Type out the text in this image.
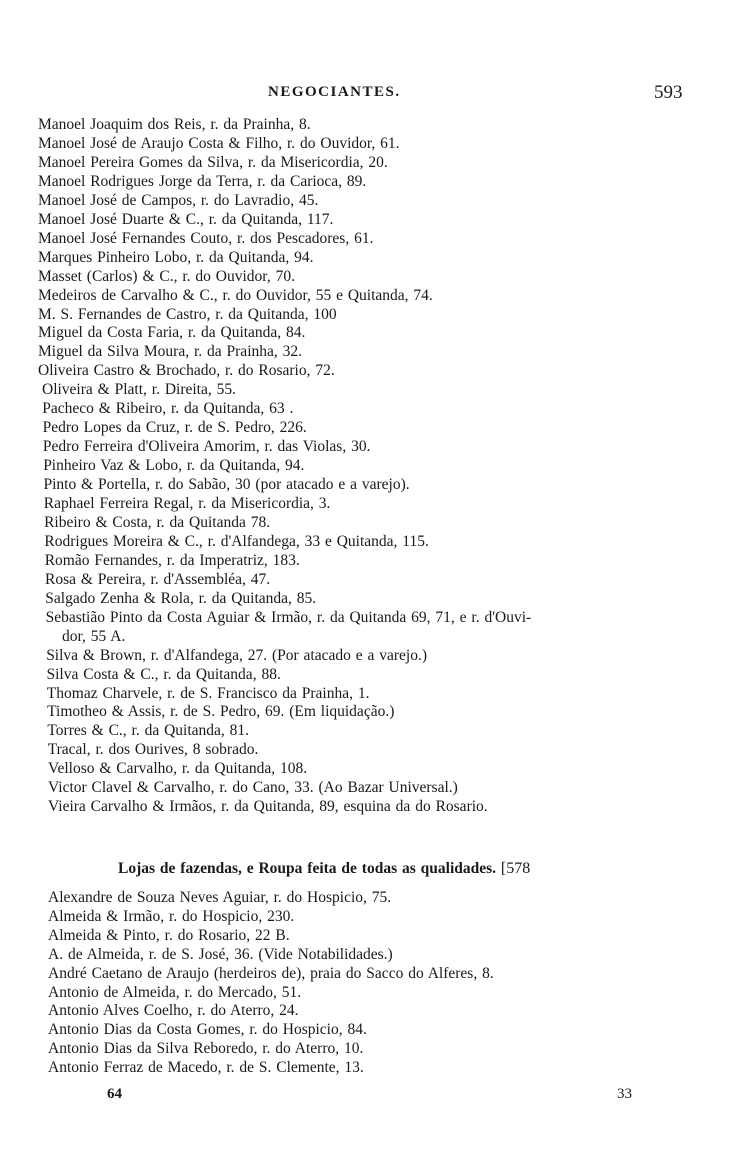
NEGOCIANTES.	593
Manoel Joaquim dos Reis, r. da Prainha, 8.
Manoel José de Araujo Costa & Filho, r. do Ouvidor, 61.
Manoel Pereira Gomes da Silva, r. da Misericordia, 20.
Manoel Rodrigues Jorge da Terra, r. da Carioca, 89.
Manoel José de Campos, r. do Lavradio, 45.
Manoel José Duarte & C., r. da Quitanda, 117.
Manoel José Fernandes Couto, r. dos Pescadores, 61.
Marques Pinheiro Lobo, r. da Quitanda, 94.
Masset (Carlos) & C., r. do Ouvidor, 70.
Medeiros de Carvalho & C., r. do Ouvidor, 55 e Quitanda, 74.
M. S. Fernandes de Castro, r. da Quitanda, 100
Miguel da Costa Faria, r. da Quitanda, 84.
Miguel da Silva Moura, r. da Prainha, 32.
Oliveira Castro & Brochado, r. do Rosario, 72.
Oliveira & Platt, r. Direita, 55.
Pacheco & Ribeiro, r. da Quitanda, 63 .
Pedro Lopes da Cruz, r. de S. Pedro, 226.
Pedro Ferreira d'Oliveira Amorim, r. das Violas, 30.
Pinheiro Vaz & Lobo, r. da Quitanda, 94.
Pinto & Portella, r. do Sabão, 30 (por atacado e a varejo).
Raphael Ferreira Regal, r. da Misericordia, 3.
Ribeiro & Costa, r. da Quitanda 78.
Rodrigues Moreira & C., r. d'Alfandega, 33 e Quitanda, 115.
Romão Fernandes, r. da Imperatriz, 183.
Rosa & Pereira, r. d'Assembléa, 47.
Salgado Zenha & Rola, r. da Quitanda, 85.
Sebastião Pinto da Costa Aguiar & Irmão, r. da Quitanda 69, 71, e r. d'Ouvi-
dor, 55 A.
Silva & Brown, r. d'Alfandega, 27. (Por atacado e a varejo.)
Silva Costa & C., r. da Quitanda, 88.
Thomaz Charvele, r. de S. Francisco da Prainha, 1.
Timotheo & Assis, r. de S. Pedro, 69. (Em liquidação.)
Torres & C., r. da Quitanda, 81.
Tracal, r. dos Ourives, 8 sobrado.
Velloso & Carvalho, r. da Quitanda, 108.
Victor Clavel & Carvalho, r. do Cano, 33. (Ao Bazar Universal.)
Vieira Carvalho & Irmãos, r. da Quitanda, 89, esquina da do Rosario.
Lojas de fazendas, e Roupa feita de todas as qualidades. [578
Alexandre de Souza Neves Aguiar, r. do Hospicio, 75.
Almeida & Irmão, r. do Hospicio, 230.
Almeida & Pinto, r. do Rosario, 22 B.
A. de Almeida, r. de S. José, 36. (Vide Notabilidades.)
André Caetano de Araujo (herdeiros de), praia do Sacco do Alferes, 8.
Antonio de Almeida, r. do Mercado, 51.
Antonio Alves Coelho, r. do Aterro, 24.
Antonio Dias da Costa Gomes, r. do Hospicio, 84.
Antonio Dias da Silva Reboredo, r. do Aterro, 10.
Antonio Ferraz de Macedo, r. de S. Clemente, 13.
64	33
